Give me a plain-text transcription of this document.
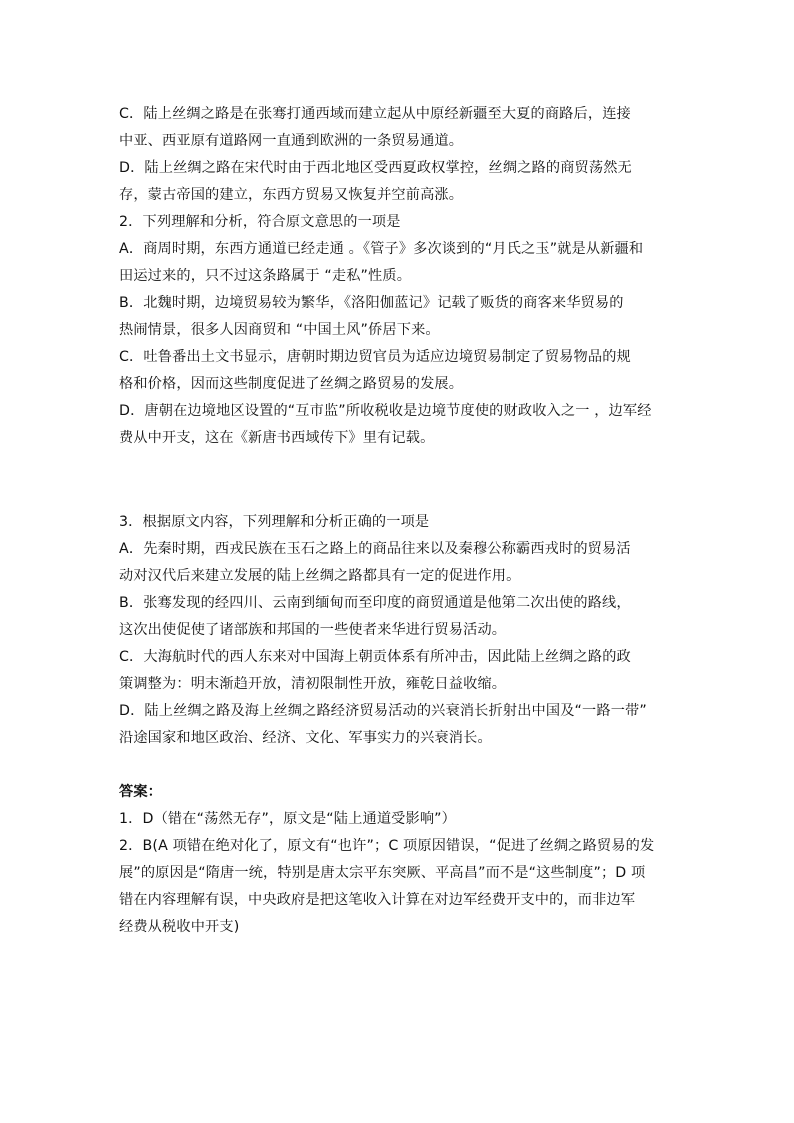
C．陆上丝绸之路是在张骞打通西域而建立起从中原经新疆至大夏的商路后，连接
中亚、西亚原有道路网一直通到欧洲的一条贸易通道。
D．陆上丝绸之路在宋代时由于西北地区受西夏政权掌控，丝绸之路的商贸荡然无
存，蒙古帝国的建立，东西方贸易又恢复并空前高涨。
2．下列理解和分析，符合原文意思的一项是
A．商周时期，东西方通道已经走通 。《管子》多次谈到的“月氏之玉”就是从新疆和
田运过来的，只不过这条路属于 “走私”性质。
B．北魏时期，边境贸易较为繁华，《洛阳伽蓝记》记载了贩货的商客来华贸易的
热闹情景，很多人因商贸和 “中国土风”侨居下来。
C．吐鲁番出土文书显示，唐朝时期边贸官员为适应边境贸易制定了贸易物品的规
格和价格，因而这些制度促进了丝绸之路贸易的发展。
D．唐朝在边境地区设置的“互市监”所收税收是边境节度使的财政收入之一 ，边军经
费从中开支，这在《新唐书西域传下》里有记载。
3．根据原文内容，下列理解和分析正确的一项是
A．先秦时期，西戎民族在玉石之路上的商品往来以及秦穆公称霸西戎时的贸易活
动对汉代后来建立发展的陆上丝绸之路都具有一定的促进作用。
B．张骞发现的经四川、云南到缅甸而至印度的商贸通道是他第二次出使的路线，
这次出使促使了诸部族和邦国的一些使者来华进行贸易活动。
C．大海航时代的西人东来对中国海上朝贡体系有所冲击，因此陆上丝绸之路的政
策调整为：明末渐趋开放，清初限制性开放，雍乾日益收缩。
D．陆上丝绸之路及海上丝绸之路经济贸易活动的兴衰消长折射出中国及“一路一带”
沿途国家和地区政治、经济、文化、军事实力的兴衰消长。
答案：
1．D（错在“荡然无存”，原文是“陆上通道受影响”）
2．B(A 项错在绝对化了，原文有“也许”；C 项原因错误，“促进了丝绸之路贸易的发
展”的原因是“隋唐一统，特别是唐太宗平东突厥、平高昌”而不是“这些制度”；D 项
错在内容理解有误，中央政府是把这笔收入计算在对边军经费开支中的，而非边军
经费从税收中开支)
